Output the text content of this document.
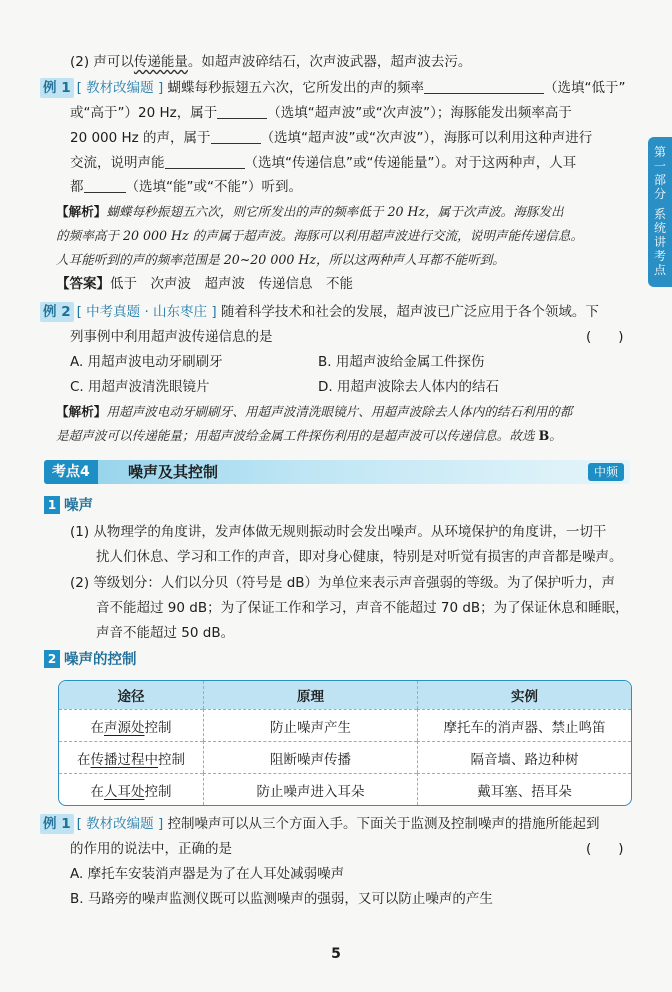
第
一
部
分
系
统
讲
考
点
(2) 声可以传递能量。如超声波碎结石，次声波武器，超声波去污。
例 1 [ 教材改编题 ] 蝴蝶每秒振翅五六次，它所发出的声的频率	（选填“低于”
或“高于”）20 Hz，属于	（选填“超声波”或“次声波”）；海豚能发出频率高于
20 000 Hz 的声，属于	（选填“超声波”或“次声波”），海豚可以利用这种声进行
交流，说明声能	（选填“传递信息”或“传递能量”）。对于这两种声，人耳
都	（选填“能”或“不能”）听到。
【解析】蝴蝶每秒振翅五六次，则它所发出的声的频率低于 20 Hz，属于次声波。海豚发出
的频率高于 20 000 Hz 的声属于超声波。海豚可以利用超声波进行交流，说明声能传递信息。
人耳能听到的声的频率范围是 20~20 000 Hz，所以这两种声人耳都不能听到。
【答案】低于　次声波　超声波　传递信息　不能
例 2 [ 中考真题 · 山东枣庄 ] 随着科学技术和社会的发展，超声波已广泛应用于各个领域。下
列事例中利用超声波传递信息的是	(　　)
A. 用超声波电动牙刷刷牙	B. 用超声波给金属工件探伤
C. 用超声波清洗眼镜片	D. 用超声波除去人体内的结石
【解析】用超声波电动牙刷刷牙、用超声波清洗眼镜片、用超声波除去人体内的结石利用的都
是超声波可以传递能量；用超声波给金属工件探伤利用的是超声波可以传递信息。故选 B。
考点4	噪声及其控制	中频
1 噪声
(1) 从物理学的角度讲，发声体做无规则振动时会发出噪声。从环境保护的角度讲，一切干
扰人们休息、学习和工作的声音，即对身心健康，特别是对听觉有损害的声音都是噪声。
(2) 等级划分：人们以分贝（符号是 dB）为单位来表示声音强弱的等级。为了保护听力，声
音不能超过 90 dB；为了保证工作和学习，声音不能超过 70 dB；为了保证休息和睡眠，
声音不能超过 50 dB。
2 噪声的控制
途径	原理	实例
在声源处控制	防止噪声产生	摩托车的消声器、禁止鸣笛
在传播过程中控制	阻断噪声传播	隔音墙、路边种树
在人耳处控制	防止噪声进入耳朵	戴耳塞、捂耳朵
例 1 [ 教材改编题 ] 控制噪声可以从三个方面入手。下面关于监测及控制噪声的措施所能起到
的作用的说法中，正确的是	(　　)
A. 摩托车安装消声器是为了在人耳处减弱噪声
B. 马路旁的噪声监测仪既可以监测噪声的强弱，又可以防止噪声的产生
5
